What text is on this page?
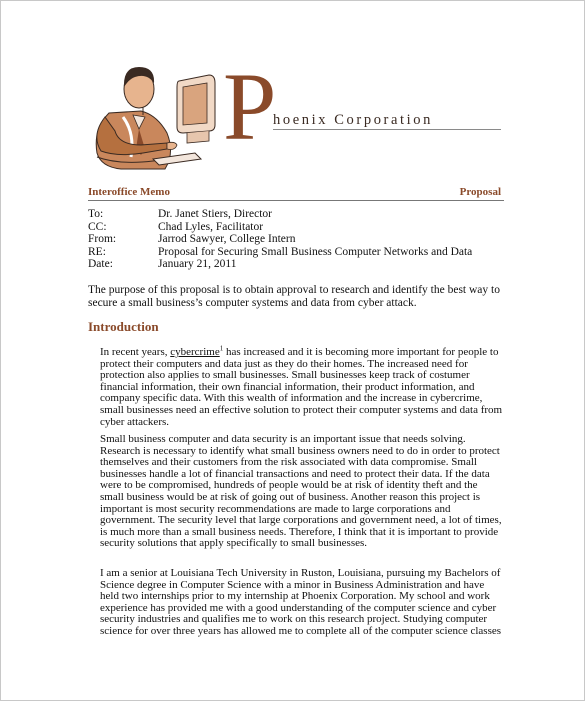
P
hoenix Corporation
Interoffice Memo	Proposal
To:	Dr. Janet Stiers, Director
CC:	Chad Lyles, Facilitator
From:	Jarrod Sawyer, College Intern
RE:	Proposal for Securing Small Business Computer Networks and Data
Date:	January 21, 2011

The purpose of this proposal is to obtain approval to research and identify the best way to secure a small business’s computer systems and data from cyber attack.

Introduction

In recent years, cybercrime$^1$ has increased and it is becoming more important for people to protect their computers and data just as they do their homes. The increased need for protection also applies to small businesses. Small businesses keep track of costumer financial information, their own financial information, their product information, and company specific data. With this wealth of information and the increase in cybercrime, small businesses need an effective solution to protect their computer systems and data from cyber attackers.

Small business computer and data security is an important issue that needs solving. Research is necessary to identify what small business owners need to do in order to protect themselves and their customers from the risk associated with data compromise. Small businesses handle a lot of financial transactions and need to protect their data. If the data were to be compromised, hundreds of people would be at risk of identity theft and the small business would be at risk of going out of business. Another reason this project is important is most security recommendations are made to large corporations and government. The security level that large corporations and government need, a lot of times, is much more than a small business needs. Therefore, I think that it is important to provide security solutions that apply specifically to small businesses.

I am a senior at Louisiana Tech University in Ruston, Louisiana, pursuing my Bachelors of Science degree in Computer Science with a minor in Business Administration and have held two internships prior to my internship at Phoenix Corporation. My school and work experience has provided me with a good understanding of the computer science and cyber security industries and qualifies me to work on this research project. Studying computer science for over three years has allowed me to complete all of the computer science classes
